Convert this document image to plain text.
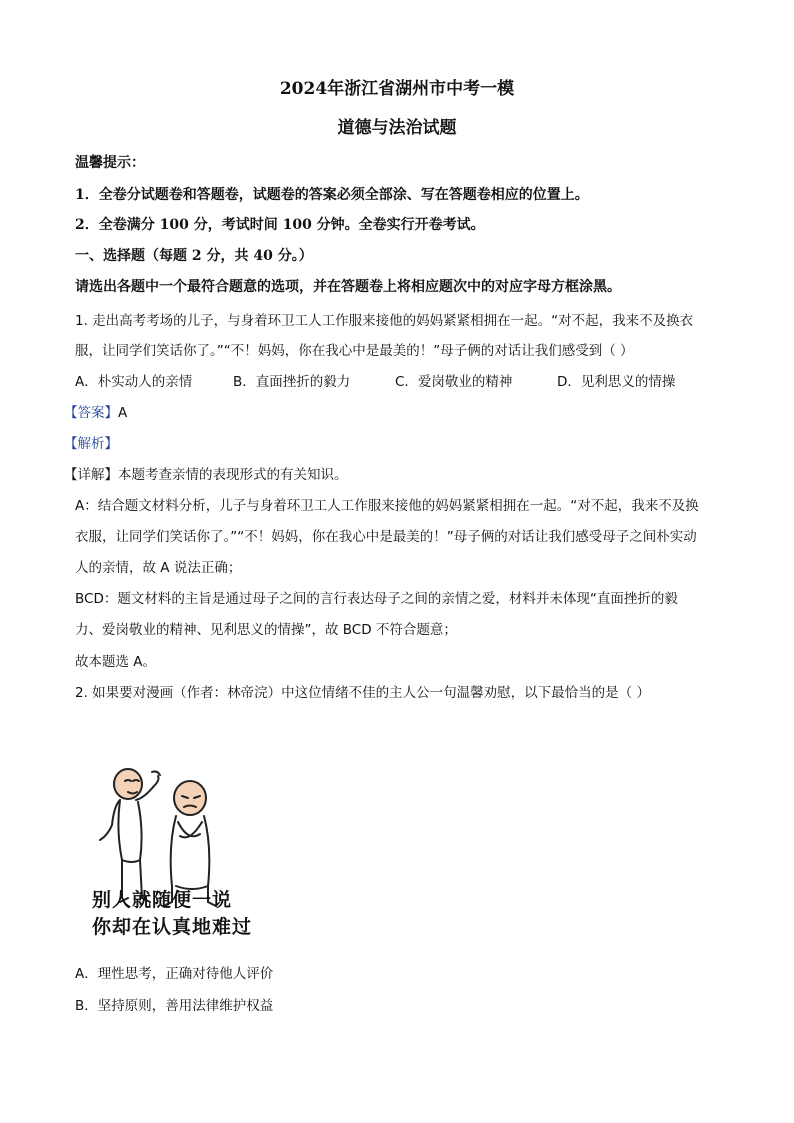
2024年浙江省湖州市中考一模
道德与法治试题
温馨提示：
1．全卷分试题卷和答题卷，试题卷的答案必须全部涂、写在答题卷相应的位置上。
2．全卷满分 100 分，考试时间 100 分钟。全卷实行开卷考试。
一、选择题（每题 2 分，共 40 分。）
请选出各题中一个最符合题意的选项，并在答题卷上将相应题次中的对应字母方框涂黑。
1. 走出高考考场的儿子，与身着环卫工人工作服来接他的妈妈紧紧相拥在一起。“对不起，我来不及换衣
服，让同学们笑话你了。”“不！妈妈，你在我心中是最美的！”母子俩的对话让我们感受到（ ）
A．朴实动人的亲情	B．直面挫折的毅力	C．爱岗敬业的精神	D．见利思义的情操
【答案】A
【解析】
【详解】本题考查亲情的表现形式的有关知识。
A：结合题文材料分析，儿子与身着环卫工人工作服来接他的妈妈紧紧相拥在一起。“对不起，我来不及换
衣服，让同学们笑话你了。”“不！妈妈，你在我心中是最美的！”母子俩的对话让我们感受母子之间朴实动
人的亲情，故 A 说法正确；
BCD：题文材料的主旨是通过母子之间的言行表达母子之间的亲情之爱，材料并未体现“直面挫折的毅
力、爱岗敬业的精神、见利思义的情操”，故 BCD 不符合题意；
故本题选 A。
2. 如果要对漫画（作者：林帝浣）中这位情绪不佳的主人公一句温馨劝慰，以下最恰当的是（ ）
别人就随便一说
你却在认真地难过
A．理性思考，正确对待他人评价
B．坚持原则，善用法律维护权益
